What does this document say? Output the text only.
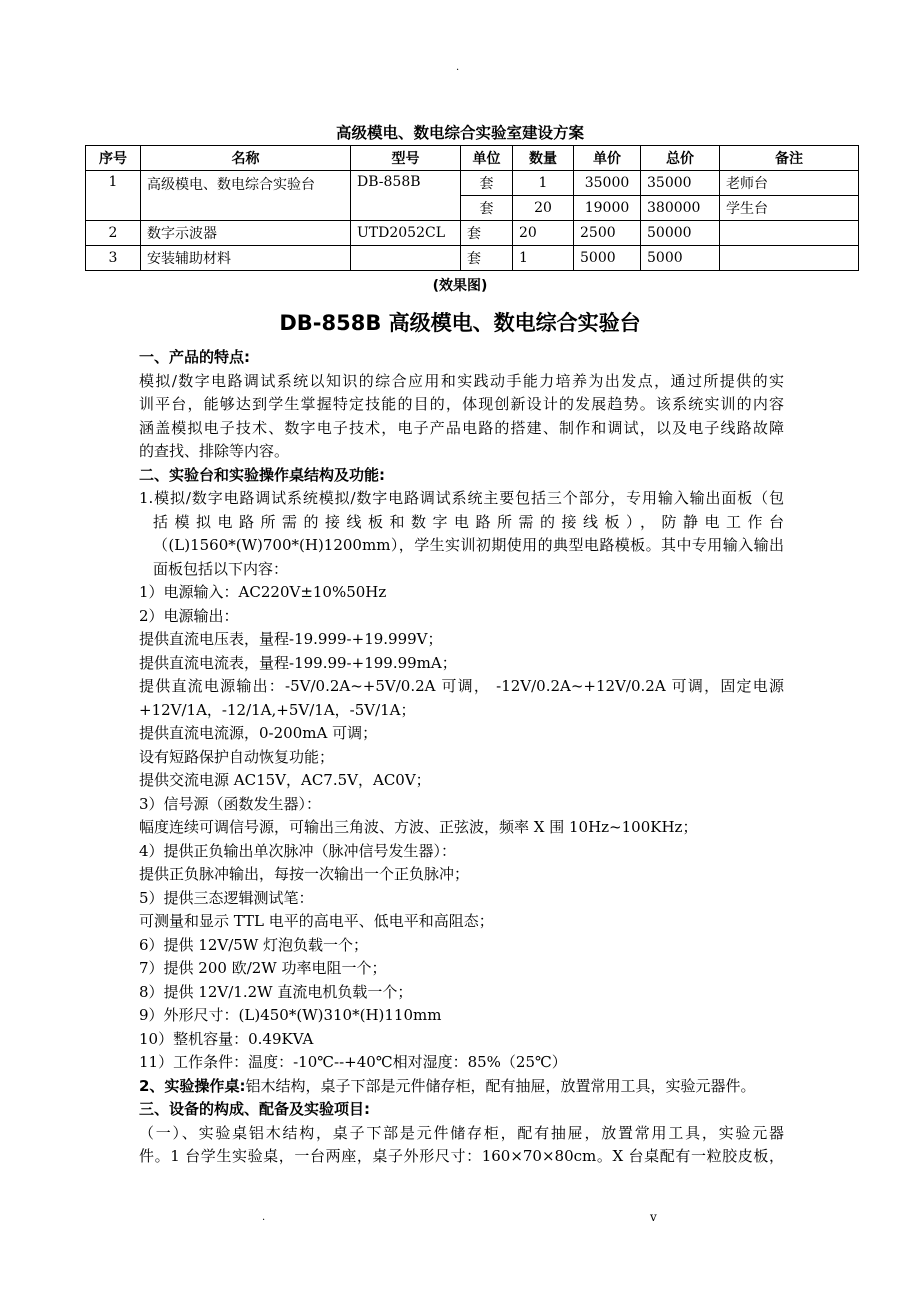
.
高级模电、数电综合实验室建设方案
序号	名称	型号	单位	数量	单价	总价	备注
1	高级模电、数电综合实验台	DB-858B	套	1	35000	35000	老师台
			套	20	19000	380000	学生台
2	数字示波器	UTD2052CL	套	20	2500	50000	
3	安装辅助材料		套	1	5000	5000	
(效果图)
DB-858B 高级模电、数电综合实验台
一、产品的特点:
模拟/数字电路调试系统以知识的综合应用和实践动手能力培养为出发点，通过所提供的实
训平台，能够达到学生掌握特定技能的目的，体现创新设计的发展趋势。该系统实训的内容
涵盖模拟电子技术、数字电子技术，电子产品电路的搭建、制作和调试，以及电子线路故障
的查找、排除等内容。
二、实验台和实验操作桌结构及功能:
1.模拟/数字电路调试系统模拟/数字电路调试系统主要包括三个部分，专用输入输出面板（包
括模拟电路所需的接线板和数字电路所需的接线板），防静电工作台
（(L)1560*(W)700*(H)1200mm），学生实训初期使用的典型电路模板。其中专用输入输出
面板包括以下内容：
1）电源输入：AC220V±10%50Hz
2）电源输出：
提供直流电压表，量程-19.999-+19.999V；
提供直流电流表，量程-199.99-+199.99mA；
提供直流电源输出：-5V/0.2A~+5V/0.2A 可调， -12V/0.2A~+12V/0.2A 可调，固定电源
+12V/1A，-12/1A,+5V/1A，-5V/1A；
提供直流电流源，0-200mA 可调；
设有短路保护自动恢复功能；
提供交流电源 AC15V，AC7.5V，AC0V；
3）信号源（函数发生器）：
幅度连续可调信号源，可输出三角波、方波、正弦波，频率 X 围 10Hz~100KHz；
4）提供正负输出单次脉冲（脉冲信号发生器）：
提供正负脉冲输出，每按一次输出一个正负脉冲；
5）提供三态逻辑测试笔：
可测量和显示 TTL 电平的高电平、低电平和高阻态；
6）提供 12V/5W 灯泡负载一个；
7）提供 200 欧/2W 功率电阻一个；
8）提供 12V/1.2W 直流电机负载一个；
9）外形尺寸：(L)450*(W)310*(H)110mm
10）整机容量：0.49KVA
11）工作条件：温度：-10℃--+40℃相对湿度：85%（25℃）
2、实验操作桌:铝木结构，桌子下部是元件储存柜，配有抽屉，放置常用工具，实验元器件。
三、设备的构成、配备及实验项目:
（一）、实验桌铝木结构，桌子下部是元件储存柜，配有抽屉，放置常用工具，实验元器
件。1 台学生实验桌，一台两座，桌子外形尺寸：160×70×80cm。X 台桌配有一粒胶皮板，
.	v
